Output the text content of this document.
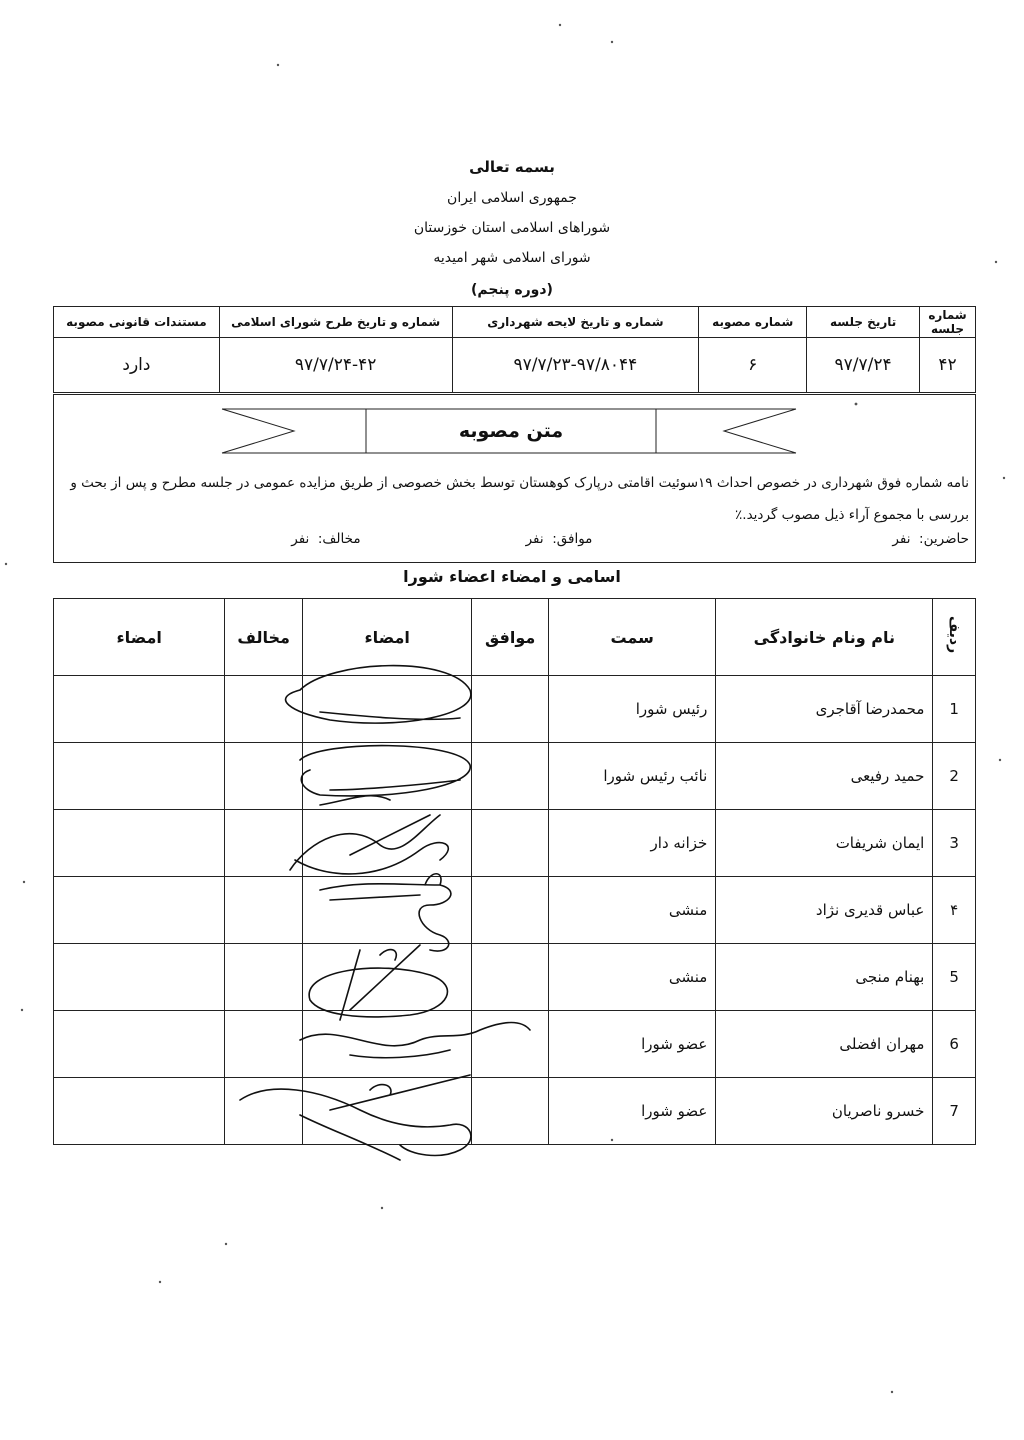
بسمه تعالی
جمهوری اسلامی ایران
شوراهای اسلامی استان خوزستان
شورای اسلامی شهر امیدیه
(دوره پنجم)
شماره جلسه	تاریخ جلسه	شماره مصوبه	شماره و تاریخ لایحه شهرداری	شماره و تاریخ طرح شورای اسلامی	مستندات قانونی مصوبه
۴۲	۹۷/۷/۲۴	۶	۹۷/۷/۲۳-۹۷/۸۰۴۴	۹۷/۷/۲۴-۴۲	دارد
متن مصوبه
نامه شماره فوق شهرداری در خصوص احداث ۱۹سوئیت اقامتی درپارک کوهستان توسط بخش خصوصی از طریق مزایده عمومی در جلسه مطرح و پس از بحث و بررسی با مجموع آراء ذیل مصوب گردید.٪
حاضرین:  نفر
موافق:  نفر
مخالف:  نفر
اسامی و امضاء اعضاء شورا
ردیف	نام ونام خانوادگی	سمت	موافق	امضاء	مخالف	امضاء
1	محمدرضا آقاجری	رئیس شورا				
2	حمید رفیعی	نائب رئیس شورا				
3	ایمان شریفات	خزانه دار				
۴	عباس قدیری نژاد	منشی				
5	بهنام منجی	منشی				
6	مهران افضلی	عضو شورا				
7	خسرو ناصریان	عضو شورا				
